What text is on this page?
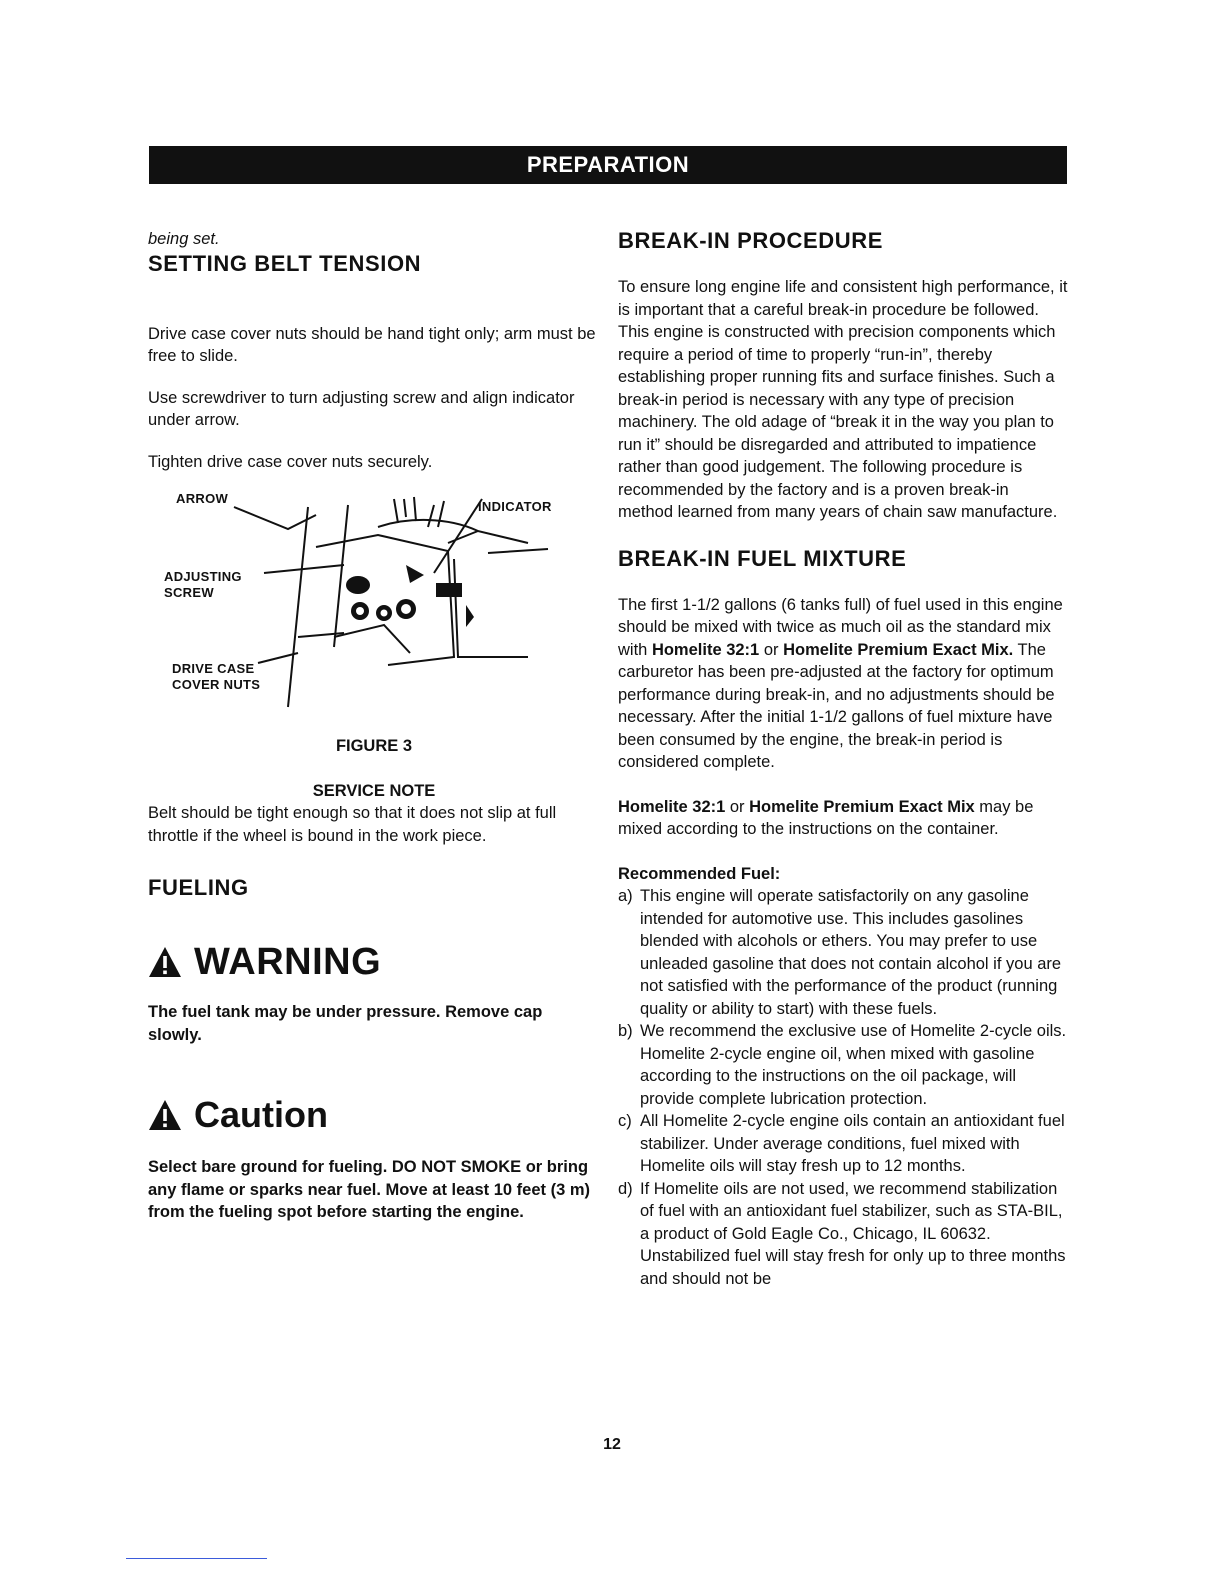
PREPARATION

being set.

SETTING BELT TENSION

Drive case cover nuts should be hand tight only; arm must be free to slide.

Use screwdriver to turn adjusting screw and align indicator under arrow.

Tighten drive case cover nuts securely.

ARROW
INDICATOR
ADJUSTING
SCREW
DRIVE CASE
COVER NUTS

FIGURE 3

SERVICE NOTE

Belt should be tight enough so that it does not slip at full throttle if the wheel is bound in the work piece.

FUELING
WARNING

The fuel tank may be under pressure. Remove cap slowly.

Caution

Select bare ground for fueling. DO NOT SMOKE or bring any flame or sparks near fuel. Move at least 10 feet (3 m) from the fueling spot before starting the engine.

BREAK-IN PROCEDURE

To ensure long engine life and consistent high performance, it is important that a careful break-in procedure be followed. This engine is constructed with precision components which require a period of time to properly “run-in”, thereby establishing proper running fits and surface finishes. Such a break-in period is necessary with any type of precision machinery. The old adage of “break it in the way you plan to run it” should be disregarded and attributed to impatience rather than good judgement. The following procedure is recommended by the factory and is a proven break-in method learned from many years of chain saw manufacture.

BREAK-IN FUEL MIXTURE

The first 1-1/2 gallons (6 tanks full) of fuel used in this engine should be mixed with twice as much oil as the standard mix with Homelite 32:1 or Homelite Premium Exact Mix. The carburetor has been pre-adjusted at the factory for optimum performance during break-in, and no adjustments should be necessary. After the initial 1-1/2 gallons of fuel mixture have been consumed by the engine, the break-in period is considered complete.

Homelite 32:1 or Homelite Premium Exact Mix may be mixed according to the instructions on the container.

Recommended Fuel:

a) This engine will operate satisfactorily on any gasoline intended for automotive use. This includes gasolines blended with alcohols or ethers. You may prefer to use unleaded gasoline that does not contain alcohol if you are not satisfied with the performance of the product (running quality or ability to start) with these fuels.
b) We recommend the exclusive use of Homelite 2-cycle oils. Homelite 2-cycle engine oil, when mixed with gasoline according to the instructions on the oil package, will provide complete lubrication protection.
c) All Homelite 2-cycle engine oils contain an antioxidant fuel stabilizer. Under average conditions, fuel mixed with Homelite oils will stay fresh up to 12 months.
d) If Homelite oils are not used, we recommend stabilization of fuel with an antioxidant fuel stabilizer, such as STA-BIL, a product of Gold Eagle Co., Chicago, IL 60632. Unstabilized fuel will stay fresh for only up to three months and should not be
12
